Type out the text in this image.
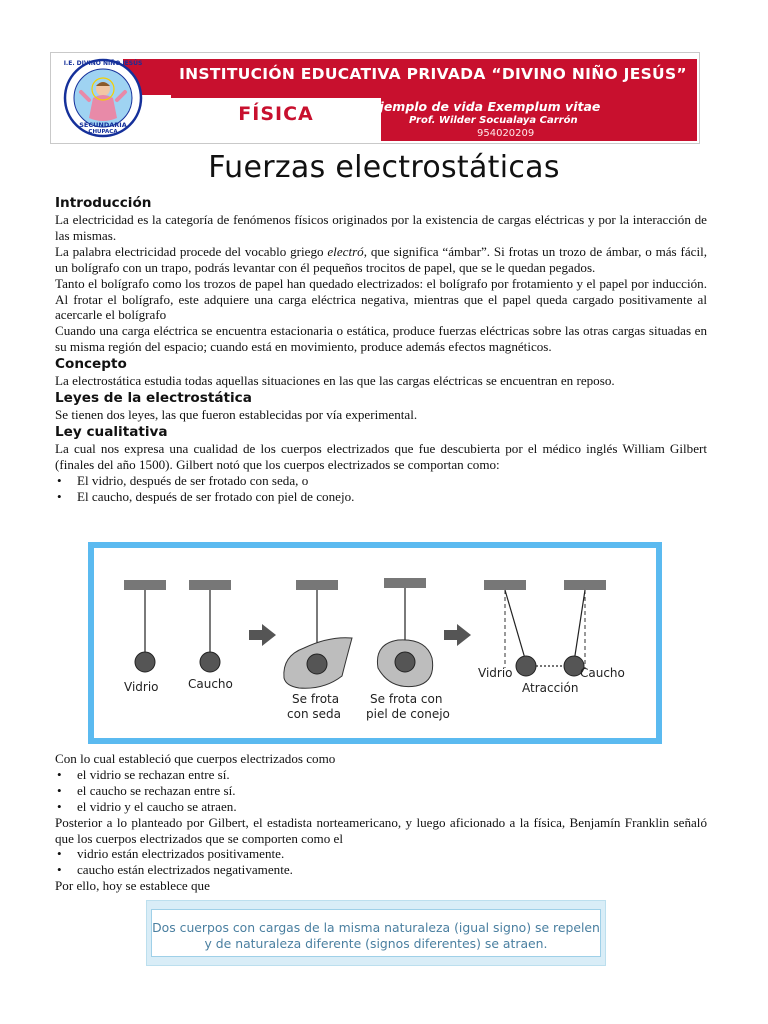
I.E. DIVINO NIÑO JESÚS
SECUNDARIA
CHUPACA
INSTITUCIÓN EDUCATIVA PRIVADA “DIVINO NIÑO JESÚS”
FÍSICA	Ejemplo de vida Exemplum vitae
Prof. Wilder Socualaya Carrón
954020209
Fuerzas electrostáticas
Introducción
La electricidad es la categoría de fenómenos físicos originados por la existencia de cargas eléctricas y por la interacción de las mismas.
La palabra electricidad procede del vocablo griego electró, que significa “ámbar”. Si frotas un trozo de ámbar, o más fácil, un bolígrafo con un trapo, podrás levantar con él pequeños trocitos de papel, que se le quedan pegados.
Tanto el bolígrafo como los trozos de papel han quedado electrizados: el bolígrafo por frotamiento y el papel por inducción. Al frotar el bolígrafo, este adquiere una carga eléctrica negativa, mientras que el papel queda cargado positivamente al acercarle el bolígrafo
Cuando una carga eléctrica se encuentra estacionaria o estática, produce fuerzas eléctricas sobre las otras cargas situadas en su misma región del espacio; cuando está en movimiento, produce además efectos magnéticos.
Concepto
La electrostática estudia todas aquellas situaciones en las que las cargas eléctricas se encuentran en reposo.
Leyes de la electrostática
Se tienen dos leyes, las que fueron establecidas por vía experimental.
Ley cualitativa
La cual nos expresa una cualidad de los cuerpos electrizados que fue descubierta por el médico inglés William Gilbert (finales del año 1500). Gilbert notó que los cuerpos electrizados se comportan como:
• El vidrio, después de ser frotado con seda, o
• El caucho, después de ser frotado con piel de conejo.
Vidrio Caucho
Se frota
con seda
Se frota con
piel de conejo
Vidrio
Atracción
Caucho
Con lo cual estableció que cuerpos electrizados como
• el vidrio se rechazan entre sí.
• el caucho se rechazan entre sí.
• el vidrio y el caucho se atraen.
Posterior a lo planteado por Gilbert, el estadista norteamericano, y luego aficionado a la física, Benjamín Franklin señaló que los cuerpos electrizados que se comporten como el
• vidrio están electrizados positivamente.
• caucho están electrizados negativamente.
Por ello, hoy se establece que
Dos cuerpos con cargas de la misma naturaleza (igual signo) se repelen
y de naturaleza diferente (signos diferentes) se atraen.
